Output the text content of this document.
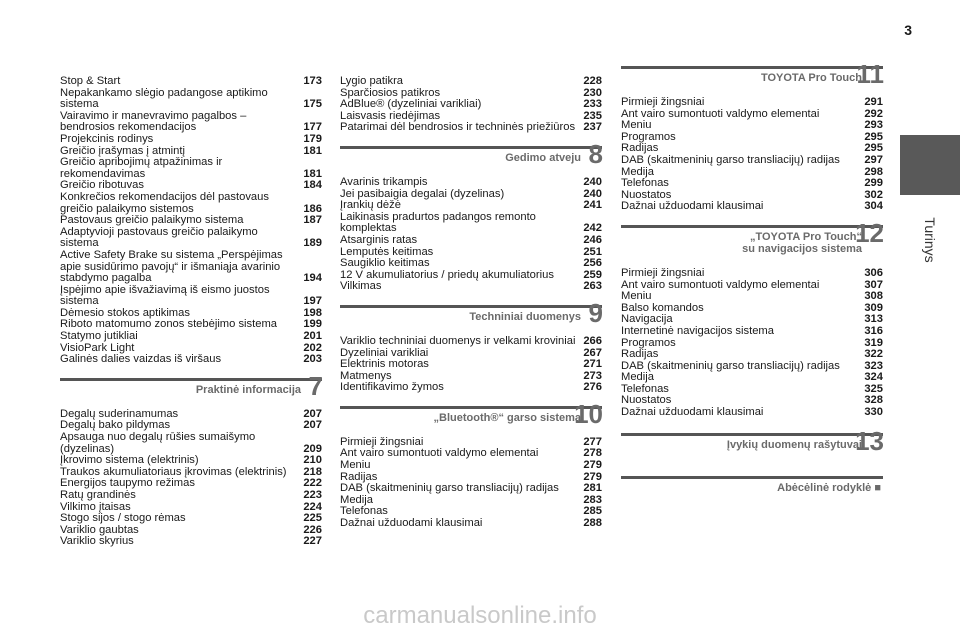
3
Turinys
Stop & Start	173
Nepakankamo slėgio padangose aptikimo sistema	175
Vairavimo ir manevravimo pagalbos – bendrosios rekomendacijos	177
Projekcinis rodinys	179
Greičio įrašymas į atmintį	181
Greičio apribojimų atpažinimas ir rekomendavimas	181
Greičio ribotuvas	184
Konkrečios rekomendacijos dėl pastovaus greičio palaikymo sistemos	186
Pastovaus greičio palaikymo sistema	187
Adaptyvioji pastovaus greičio palaikymo sistema	189
Active Safety Brake su sistema „Perspėjimas apie susidūrimo pavojų“ ir išmaniąja avarinio stabdymo pagalba	194
Įspėjimo apie išvažiavimą iš eismo juostos sistema	197
Dėmesio stokos aptikimas	198
Riboto matomumo zonos stebėjimo sistema	199
Statymo jutikliai	201
VisioPark Light	202
Galinės dalies vaizdas iš viršaus	203
Praktinė informacija 7
Degalų suderinamumas	207
Degalų bako pildymas	207
Apsauga nuo degalų rūšies sumaišymo (dyzelinas)	209
Įkrovimo sistema (elektrinis)	210
Traukos akumuliatoriaus įkrovimas (elektrinis)	218
Energijos taupymo režimas	222
Ratų grandinės	223
Vilkimo įtaisas	224
Stogo sijos / stogo rėmas	225
Variklio gaubtas	226
Variklio skyrius	227
Lygio patikra	228
Sparčiosios patikros	230
AdBlue® (dyzeliniai varikliai)	233
Laisvasis riedėjimas	235
Patarimai dėl bendrosios ir techninės priežiūros 237
Gedimo atveju 8
Avarinis trikampis	240
Jei pasibaigia degalai (dyzelinas)	240
Įrankių dėžė	241
Laikinasis pradurtos padangos remonto komplektas	242
Atsarginis ratas	246
Lemputės keitimas	251
Saugiklio keitimas	256
12 V akumuliatorius / priedų akumuliatorius	259
Vilkimas	263
Techniniai duomenys 9
Variklio techniniai duomenys ir velkami kroviniai 266
Dyzeliniai varikliai	267
Elektrinis motoras	271
Matmenys	273
Identifikavimo žymos	276
„Bluetooth®“ garso sistema
10
Pirmieji žingsniai	277
Ant vairo sumontuoti valdymo elementai	278
Meniu	279
Radijas	279
DAB (skaitmeninių garso transliacijų) radijas	281
Medija	283
Telefonas	285
Dažnai užduodami klausimai	288
TOYOTA Pro Touch
11
Pirmieji žingsniai	291
Ant vairo sumontuoti valdymo elementai	292
Meniu	293
Programos	295
Radijas	295
DAB (skaitmeninių garso transliacijų) radijas	297
Medija	298
Telefonas	299
Nuostatos	302
Dažnai užduodami klausimai	304
„TOYOTA Pro Touch“
su navigacijos sistema
12
Pirmieji žingsniai	306
Ant vairo sumontuoti valdymo elementai	307
Meniu	308
Balso komandos	309
Navigacija	313
Internetinė navigacijos sistema	316
Programos	319
Radijas	322
DAB (skaitmeninių garso transliacijų) radijas	323
Medija	324
Telefonas	325
Nuostatos	328
Dažnai užduodami klausimai	330
Įvykių duomenų rašytuvai
13
Abėcėlinė rodyklė ■
carmanualsonline.info
